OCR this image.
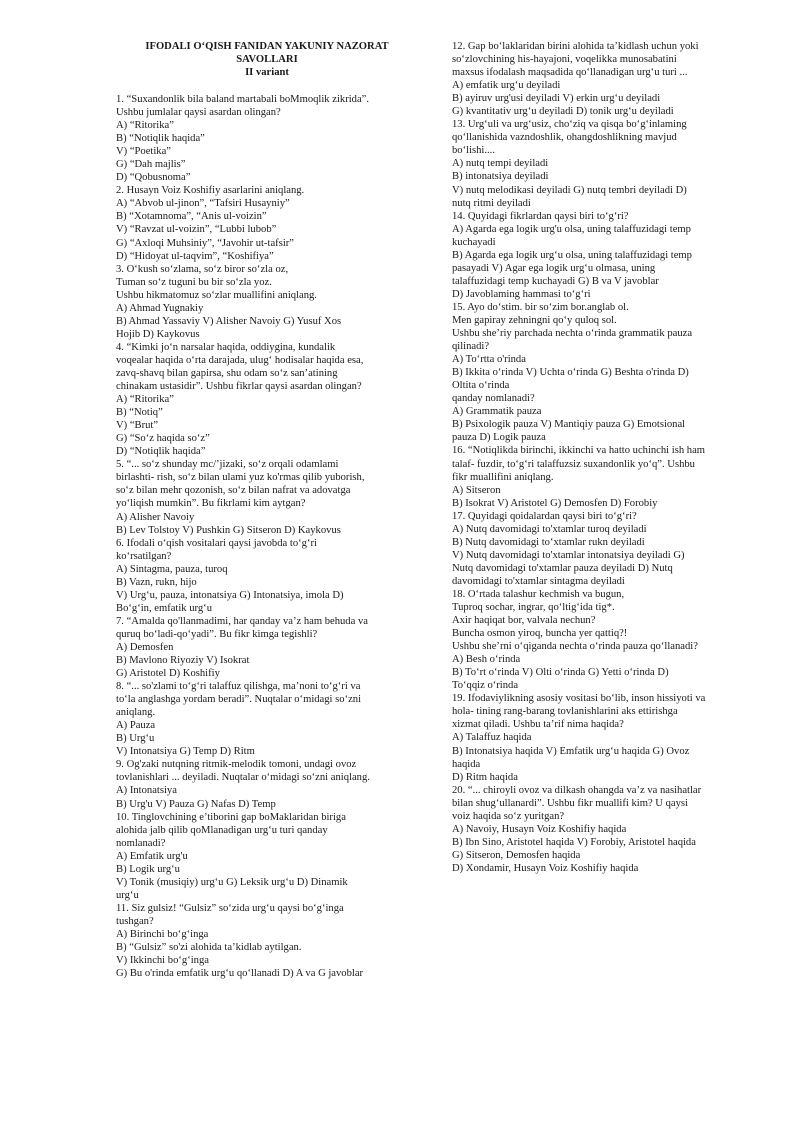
IFODALI O‘QISH FANIDAN YAKUNIY NAZORAT
SAVOLLARI
II variant
1. “Suxandonlik bila baland martabali boMmoqlik zikrida”.
Ushbu jumlalar qaysi asardan olingan?
A) “Ritorika”
B) “Notiqlik haqida”
V) “Poetika”
G) “Dah majlis”
D) “Qobusnoma”
2. Husayn Voiz Koshifiy asarlarini aniqlang.
A) “Abvob ul-jinon”, “Tafsiri Husayniy”
B) “Xotamnoma”, “Anis ul-voizin”
V) “Ravzat ul-voizin”, “Lubbi lubob”
G) “Axloqi Muhsiniy”, “Javohir ut-tafsir”
D) “Hidoyat ul-taqvim”, “Koshifiya”
3. O‘kush so‘zlama, so‘z biror so‘zla oz,
Tuman so‘z tuguni bu bir so‘zla yoz.
Ushbu hikmatomuz so‘zlar muallifini aniqlang.
A) Ahmad Yugnakiy
B) Ahmad Yassaviy V) Alisher Navoiy G) Yusuf Xos
Hojib D) Kaykovus
4. “Kimki jo‘n narsalar haqida, oddiygina, kundalik
voqealar haqida o‘rta darajada, ulug‘ hodisalar haqida esa,
zavq-shavq bilan gapirsa, shu odam so‘z san’atining
chinakam ustasidir”. Ushbu fikrlar qaysi asardan olingan?
A) “Ritorika”
B) “Notiq”
V) “Brut”
G) “So‘z haqida so‘z”
D) “Notiqlik haqida”
5. “... so‘z shunday mc/’jizaki, so‘z orqali odamlami
birlashti- rish, so‘z bilan ulami yuz ko'rmas qilib yuborish,
so‘z bilan mehr qozonish, so‘z bilan nafrat va adovatga
yo‘liqish mumkin”. Bu fikrlami kim aytgan?
A) Alisher Navoiy
B) Lev Tolstoy V) Pushkin G) Sitseron D) Kaykovus
6. Ifodali o‘qish vositalari qaysi javobda to‘g‘ri
ko‘rsatilgan?
A) Sintagma, pauza, turoq
B) Vazn, rukn, hijo
V) Urg‘u, pauza, intonatsiya G) Intonatsiya, imola D)
Bo‘g‘in, emfatik urg‘u
7. “Amalda qo'llanmadimi, har qanday va’z ham behuda va
quruq bo‘ladi-qo‘yadi”. Bu fikr kimga tegishli?
A) Demosfen
B) Mavlono Riyoziy V) Isokrat
G) Aristotel D) Koshifiy
8. “... so'zlami to‘g‘ri talaffuz qilishga, ma’noni to‘g‘ri va
to‘la anglashga yordam beradi”. Nuqtalar o‘midagi so‘zni
aniqlang.
A) Pauza
B) Urg‘u
V) Intonatsiya G) Temp D) Ritm
9. Og'zaki nutqning ritmik-melodik tomoni, undagi ovoz
tovlanishlari ... deyiladi. Nuqtalar o‘midagi so‘zni aniqlang.
A) Intonatsiya
B) Urg'u V) Pauza G) Nafas D) Temp
10. Tinglovchining e’tiborini gap boMaklaridan biriga
alohida jalb qilib qoMlanadigan urg‘u turi qanday
nomlanadi?
A) Emfatik urg'u
B) Logik urg‘u
V) Tonik (musiqiy) urg‘u G) Leksik urg‘u D) Dinamik
urg‘u
11. Siz gulsiz! “Gulsiz” so‘zida urg‘u qaysi bo‘g‘inga
tushgan?
A) Birinchi bo‘g‘inga
B) “Gulsiz” so'zi alohida ta’kidlab aytilgan.
V) Ikkinchi bo‘g‘inga
G) Bu o'rinda emfatik urg‘u qo‘llanadi D) A va G javoblar
12. Gap bo‘laklaridan birini alohida ta’kidlash uchun yoki
so‘zlovchining his-hayajoni, voqelikka munosabatini
maxsus ifodalash maqsadida qo‘llanadigan urg‘u turi ...
A) emfatik urg‘u deyiladi
B) ayiruv urg'usi deyiladi V) erkin urg‘u deyiladi
G) kvantitativ urg‘u deyiladi D) tonik urg‘u deyiladi
13. Urg‘uli va urg‘usiz, cho‘ziq va qisqa bo‘g‘inlaming
qo‘llanishida vazndoshlik, ohangdoshlikning mavjud
bo‘lishi....
A) nutq tempi deyiladi
B) intonatsiya deyiladi
V) nutq melodikasi deyiladi G) nutq tembri deyiladi D)
nutq ritmi deyiladi
14. Quyidagi fikrlardan qaysi biri to‘g‘ri?
A) Agarda ega logik urg'u olsa, uning talaffuzidagi temp
kuchayadi
B) Agarda ega logik urg‘u olsa, uning talaffuzidagi temp
pasayadi V) Agar ega logik urg‘u olmasa, uning
talaffuzidagi temp kuchayadi G) B va V javoblar
D) Javoblaming hammasi to‘g‘ri
15. Ayo do‘stim. bir so‘zim bor.anglab ol.
Men gapiray zehningni qo‘y quloq sol.
Ushbu she’riy parchada nechta o‘rinda grammatik pauza
qilinadi?
A) To‘rtta o'rinda
B) Ikkita o‘rinda V) Uchta o‘rinda G) Beshta o'rinda D)
Oltita o‘rinda
qanday nomlanadi?
A) Grammatik pauza
B) Psixologik pauza V) Mantiqiy pauza G) Emotsional
pauza D) Logik pauza
16. “Notiqlikda birinchi, ikkinchi va hatto uchinchi ish ham
talaf- fuzdir, to‘g‘ri talaffuzsiz suxandonlik yo‘q”. Ushbu
fikr muallifini aniqlang.
A) Sitseron
B) Isokrat V) Aristotel G) Demosfen D) Forobiy
17. Quyidagi qoidalardan qaysi biri to‘g‘ri?
A) Nutq davomidagi to'xtamlar turoq deyiladi
B) Nutq davomidagi to‘xtamlar rukn deyiladi
V) Nutq davomidagi to'xtamlar intonatsiya deyiladi G)
Nutq davomidagi to'xtamlar pauza deyiladi D) Nutq
davomidagi to'xtamlar sintagma deyiladi
18. O‘rtada talashur kechmish va bugun,
Tuproq sochar, ingrar, qo‘ltig‘ida tig*.
Axir haqiqat bor, valvala nechun?
Buncha osmon yiroq, buncha yer qattiq?!
Ushbu she’rni o‘qiganda nechta o‘rinda pauza qo‘llanadi?
A) Besh o‘rinda
B) To‘rt o‘rinda V) Olti o‘rinda G) Yetti o‘rinda D)
To‘qqiz o‘rinda
19. Ifodaviylikning asosiy vositasi bo‘lib, inson hissiyoti va
hola- tining rang-barang tovlanishlarini aks ettirishga
xizmat qiladi. Ushbu ta’rif nima haqida?
A) Talaffuz haqida
B) Intonatsiya haqida V) Emfatik urg‘u haqida G) Ovoz
haqida
D) Ritm haqida
20. “... chiroyli ovoz va dilkash ohangda va’z va nasihatlar
bilan shug‘ullanardi”. Ushbu fikr muallifi kim? U qaysi
voiz haqida so‘z yuritgan?
A) Navoiy, Husayn Voiz Koshifiy haqida
B) Ibn Sino, Aristotel haqida V) Forobiy, Aristotel haqida
G) Sitseron, Demosfen haqida
D) Xondamir, Husayn Voiz Koshifiy haqida
